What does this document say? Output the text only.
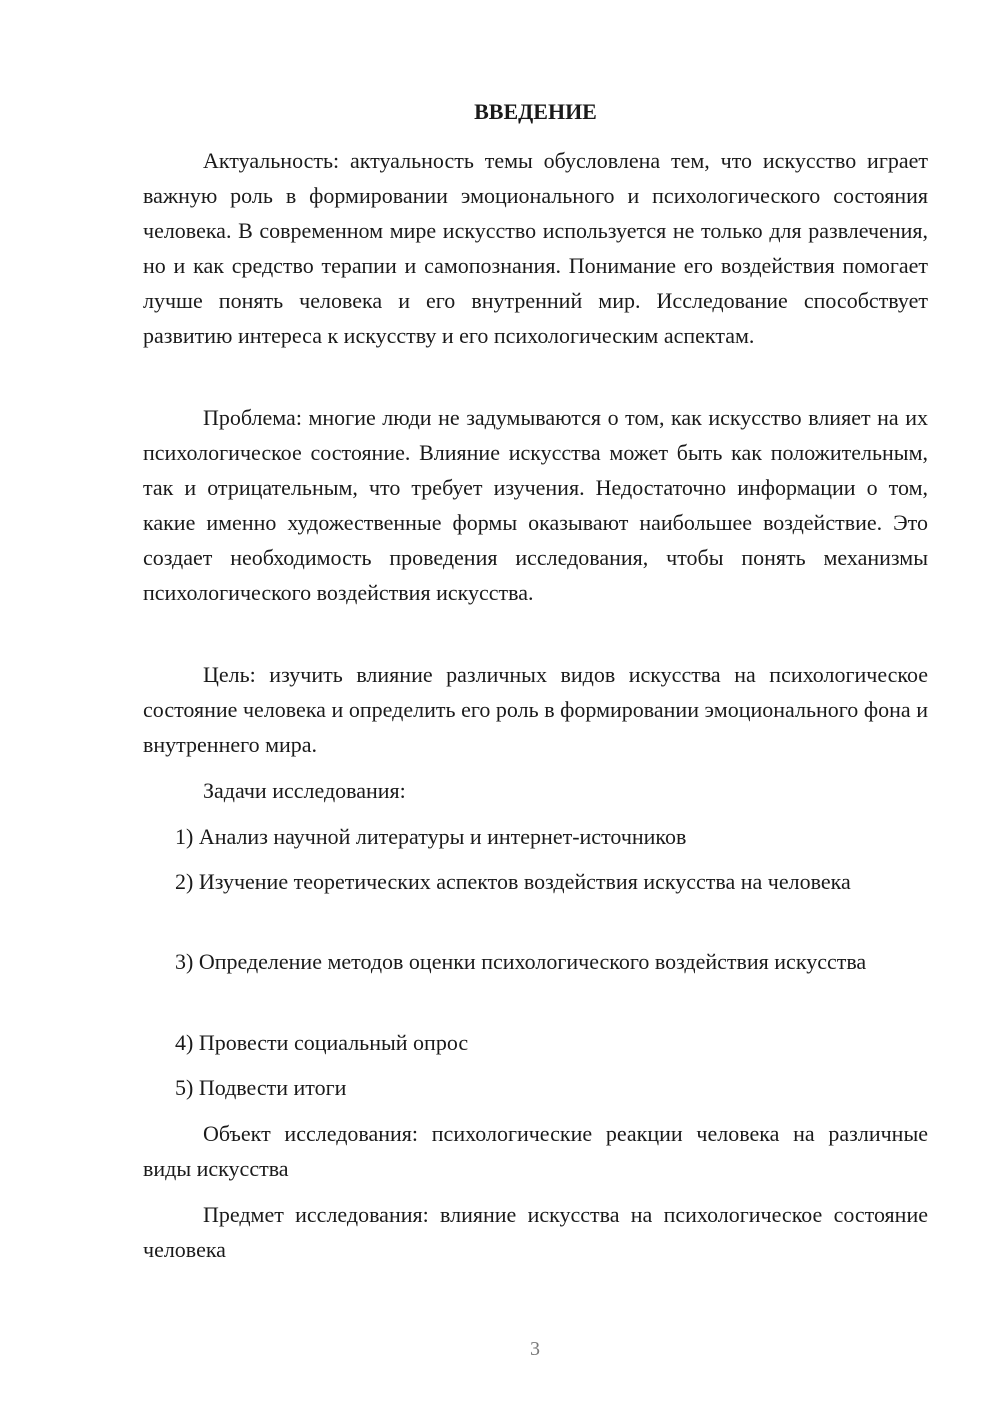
ВВЕДЕНИЕ

Актуальность: актуальность темы обусловлена тем, что искусство играет важную роль в формировании эмоционального и психологического состояния человека. В современном мире искусство используется не только для развлечения, но и как средство терапии и самопознания. Понимание его воздействия помогает лучше понять человека и его внутренний мир. Исследование способствует развитию интереса к искусству и его психологическим аспектам.

Проблема: многие люди не задумываются о том, как искусство влияет на их психологическое состояние. Влияние искусства может быть как положительным, так и отрицательным, что требует изучения. Недостаточно информации о том, какие именно художественные формы оказывают наибольшее воздействие. Это создает необходимость проведения исследования, чтобы понять механизмы психологического воздействия искусства.

Цель: изучить влияние различных видов искусства на психологическое состояние человека и определить его роль в формировании эмоционального фона и внутреннего мира.

Задачи исследования:

1) Анализ научной литературы и интернет-источников

2) Изучение теоретических аспектов воздействия искусства на человека

3) Определение методов оценки психологического воздействия искусства

4) Провести социальный опрос

5) Подвести итоги

Объект исследования: психологические реакции человека на различные виды искусства

Предмет исследования: влияние искусства на психологическое состояние человека

3
